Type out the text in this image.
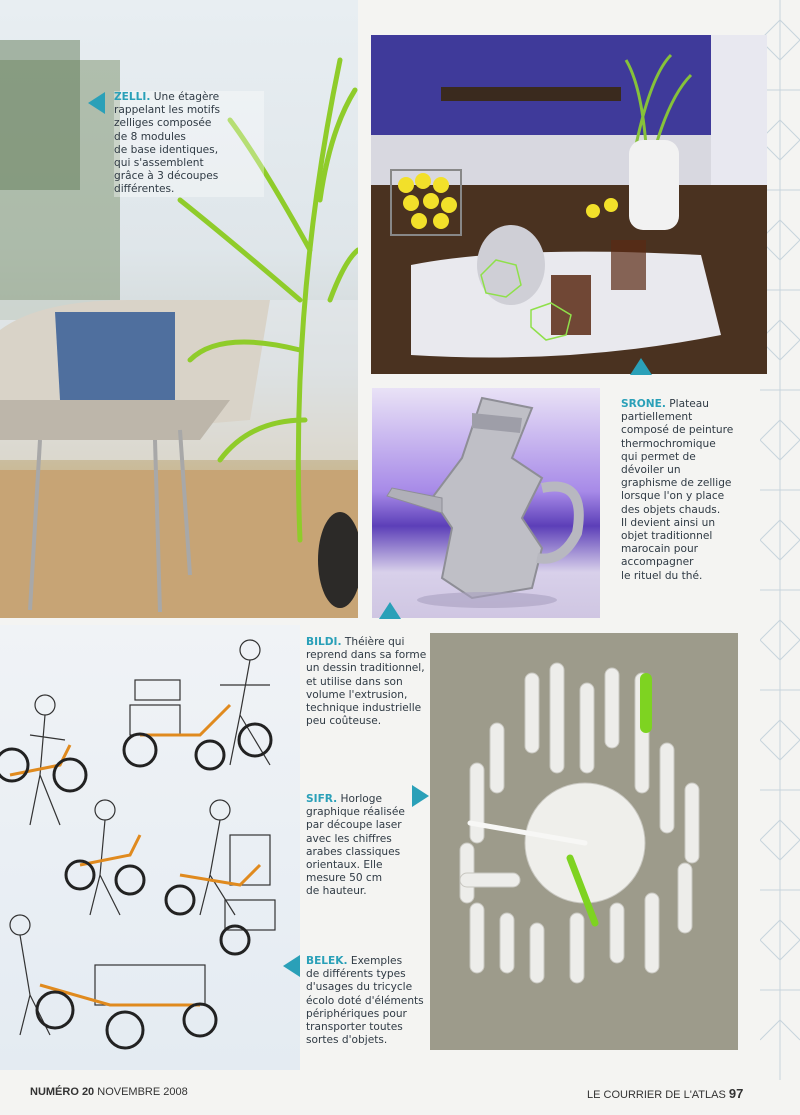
ZELLI. Une étagère
rappelant les motifs
zelliges composée
de 8 modules
de base identiques,
qui s'assemblent
grâce à 3 découpes
différentes.
SRONE. Plateau
partiellement
composé de peinture
thermochromique
qui permet de
dévoiler un
graphisme de zellige
lorsque l'on y place
des objets chauds.
Il devient ainsi un
objet traditionnel
marocain pour
accompagner
le rituel du thé.
BILDI. Théière qui
reprend dans sa forme
un dessin traditionnel,
et utilise dans son
volume l'extrusion,
technique industrielle
peu coûteuse.
SIFR. Horloge
graphique réalisée
par découpe laser
avec les chiffres
arabes classiques
orientaux. Elle
mesure 50 cm
de hauteur.
BELEK. Exemples
de différents types
d'usages du tricycle
écolo doté d'éléments
périphériques pour
transporter toutes
sortes d'objets.
NUMÉRO 20 NOVEMBRE 2008	LE COURRIER DE L'ATLAS 97
